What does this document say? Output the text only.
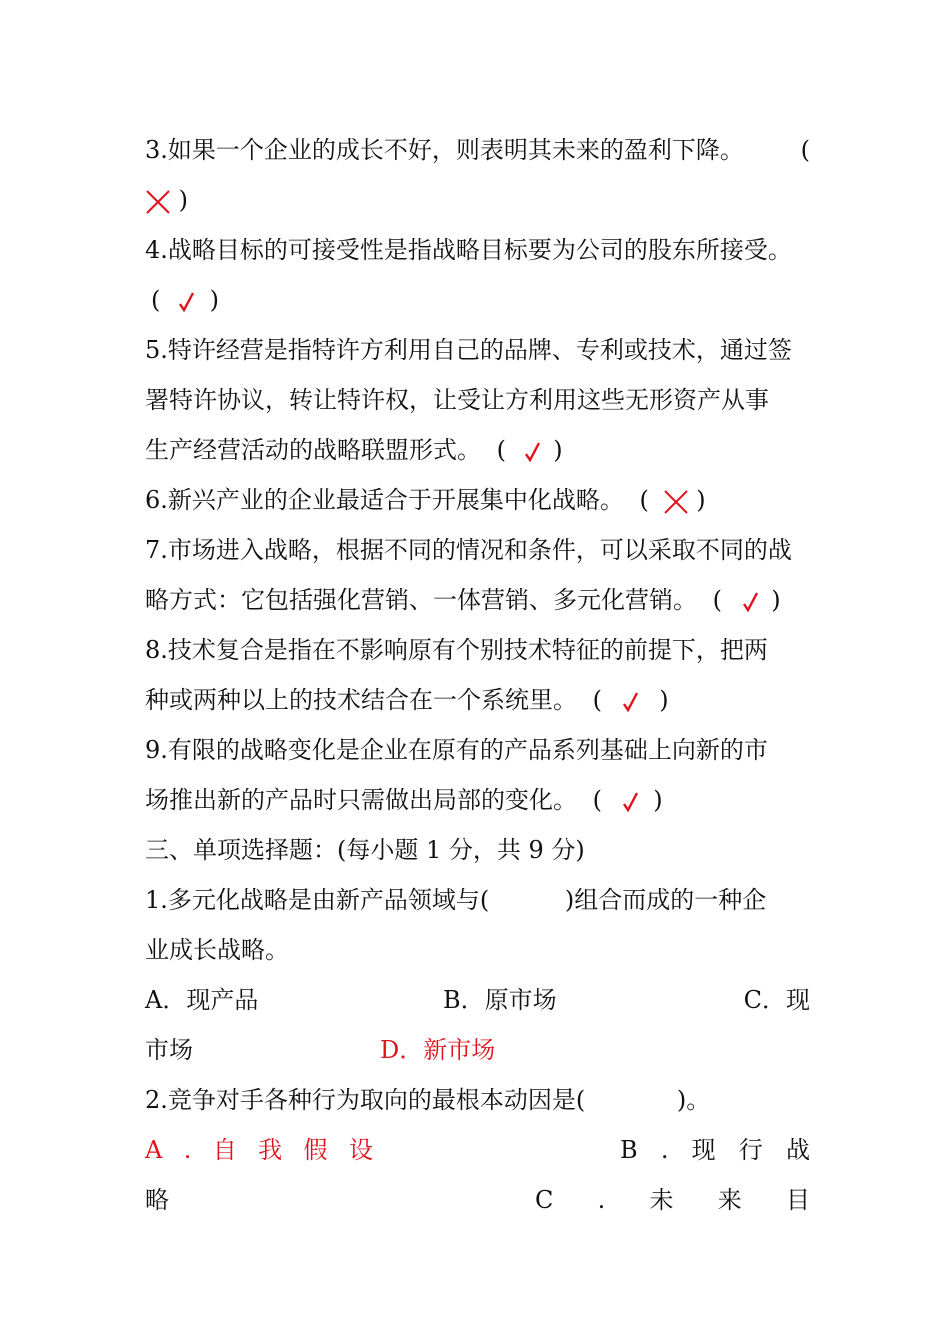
3.如果一个企业的成长不好，则表明其未来的盈利下降。 (
)
4.战略目标的可接受性是指战略目标要为公司的股东所接受。
( )
5.特许经营是指特许方利用自己的品牌、专利或技术，通过签
署特许协议，转让特许权，让受让方利用这些无形资产从事
生产经营活动的战略联盟形式。 ( )
6.新兴产业的企业最适合于开展集中化战略。 ( )
7.市场进入战略，根据不同的情况和条件，可以采取不同的战
略方式：它包括强化营销、一体营销、多元化营销。 ( )
8.技术复合是指在不影响原有个别技术特征的前提下，把两
种或两种以上的技术结合在一个系统里。 ( )
9.有限的战略变化是企业在原有的产品系列基础上向新的市
场推出新的产品时只需做出局部的变化。 ( )
三、单项选择题：(每小题 1 分，共 9 分)
1.多元化战略是由新产品领域与(	)组合而成的一种企
业成长战略。
A．现产品	B．原市场	C．现
市场	D．新市场
2.竞争对手各种行为取向的最根本动因是(	)。
A . 自 我 假 设	B . 现 行 战
略	C . 未 来 目
